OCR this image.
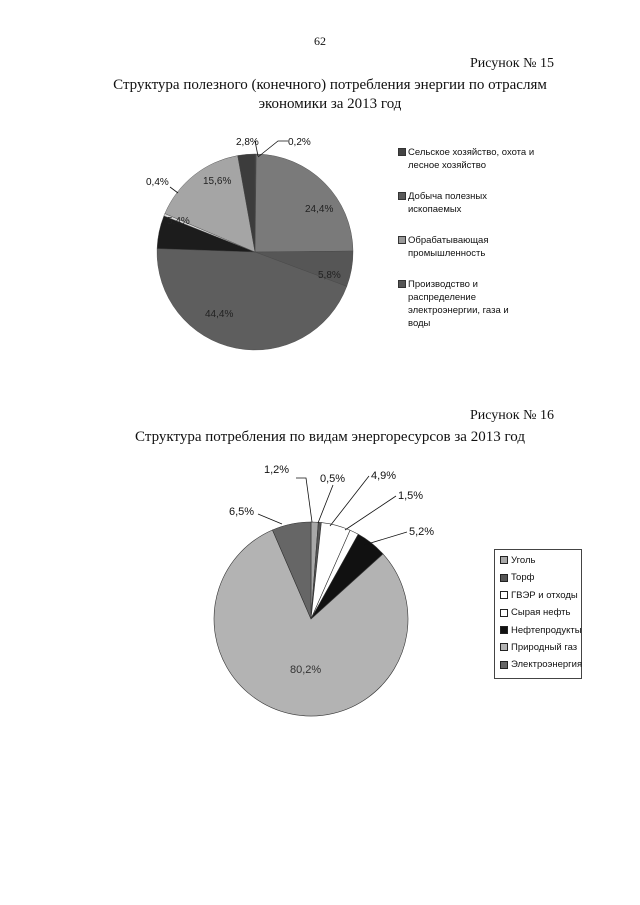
62
Рисунок № 15
Структура полезного (конечного) потребления энергии по отраслям
экономики за 2013 год
0,2%
24,4%
5,8%
44,4%
5,4%
0,4%	15,6%
2,8%
1,2%
0,5% 4,9%
1,5%
5,2%
80,2%
6,5%
Сельское хозяйство, охота и
лесное хозяйство
Добыча полезных
ископаемых
Обрабатывающая
промышленность
Производство и
распределение
электроэнергии, газа и
воды
Рисунок № 16
Структура потребления по видам энергоресурсов за 2013 год
Уголь
Торф
ГВЭР и отходы
Сырая нефть
Нефтепродукты
Природный газ
Электроэнергия
